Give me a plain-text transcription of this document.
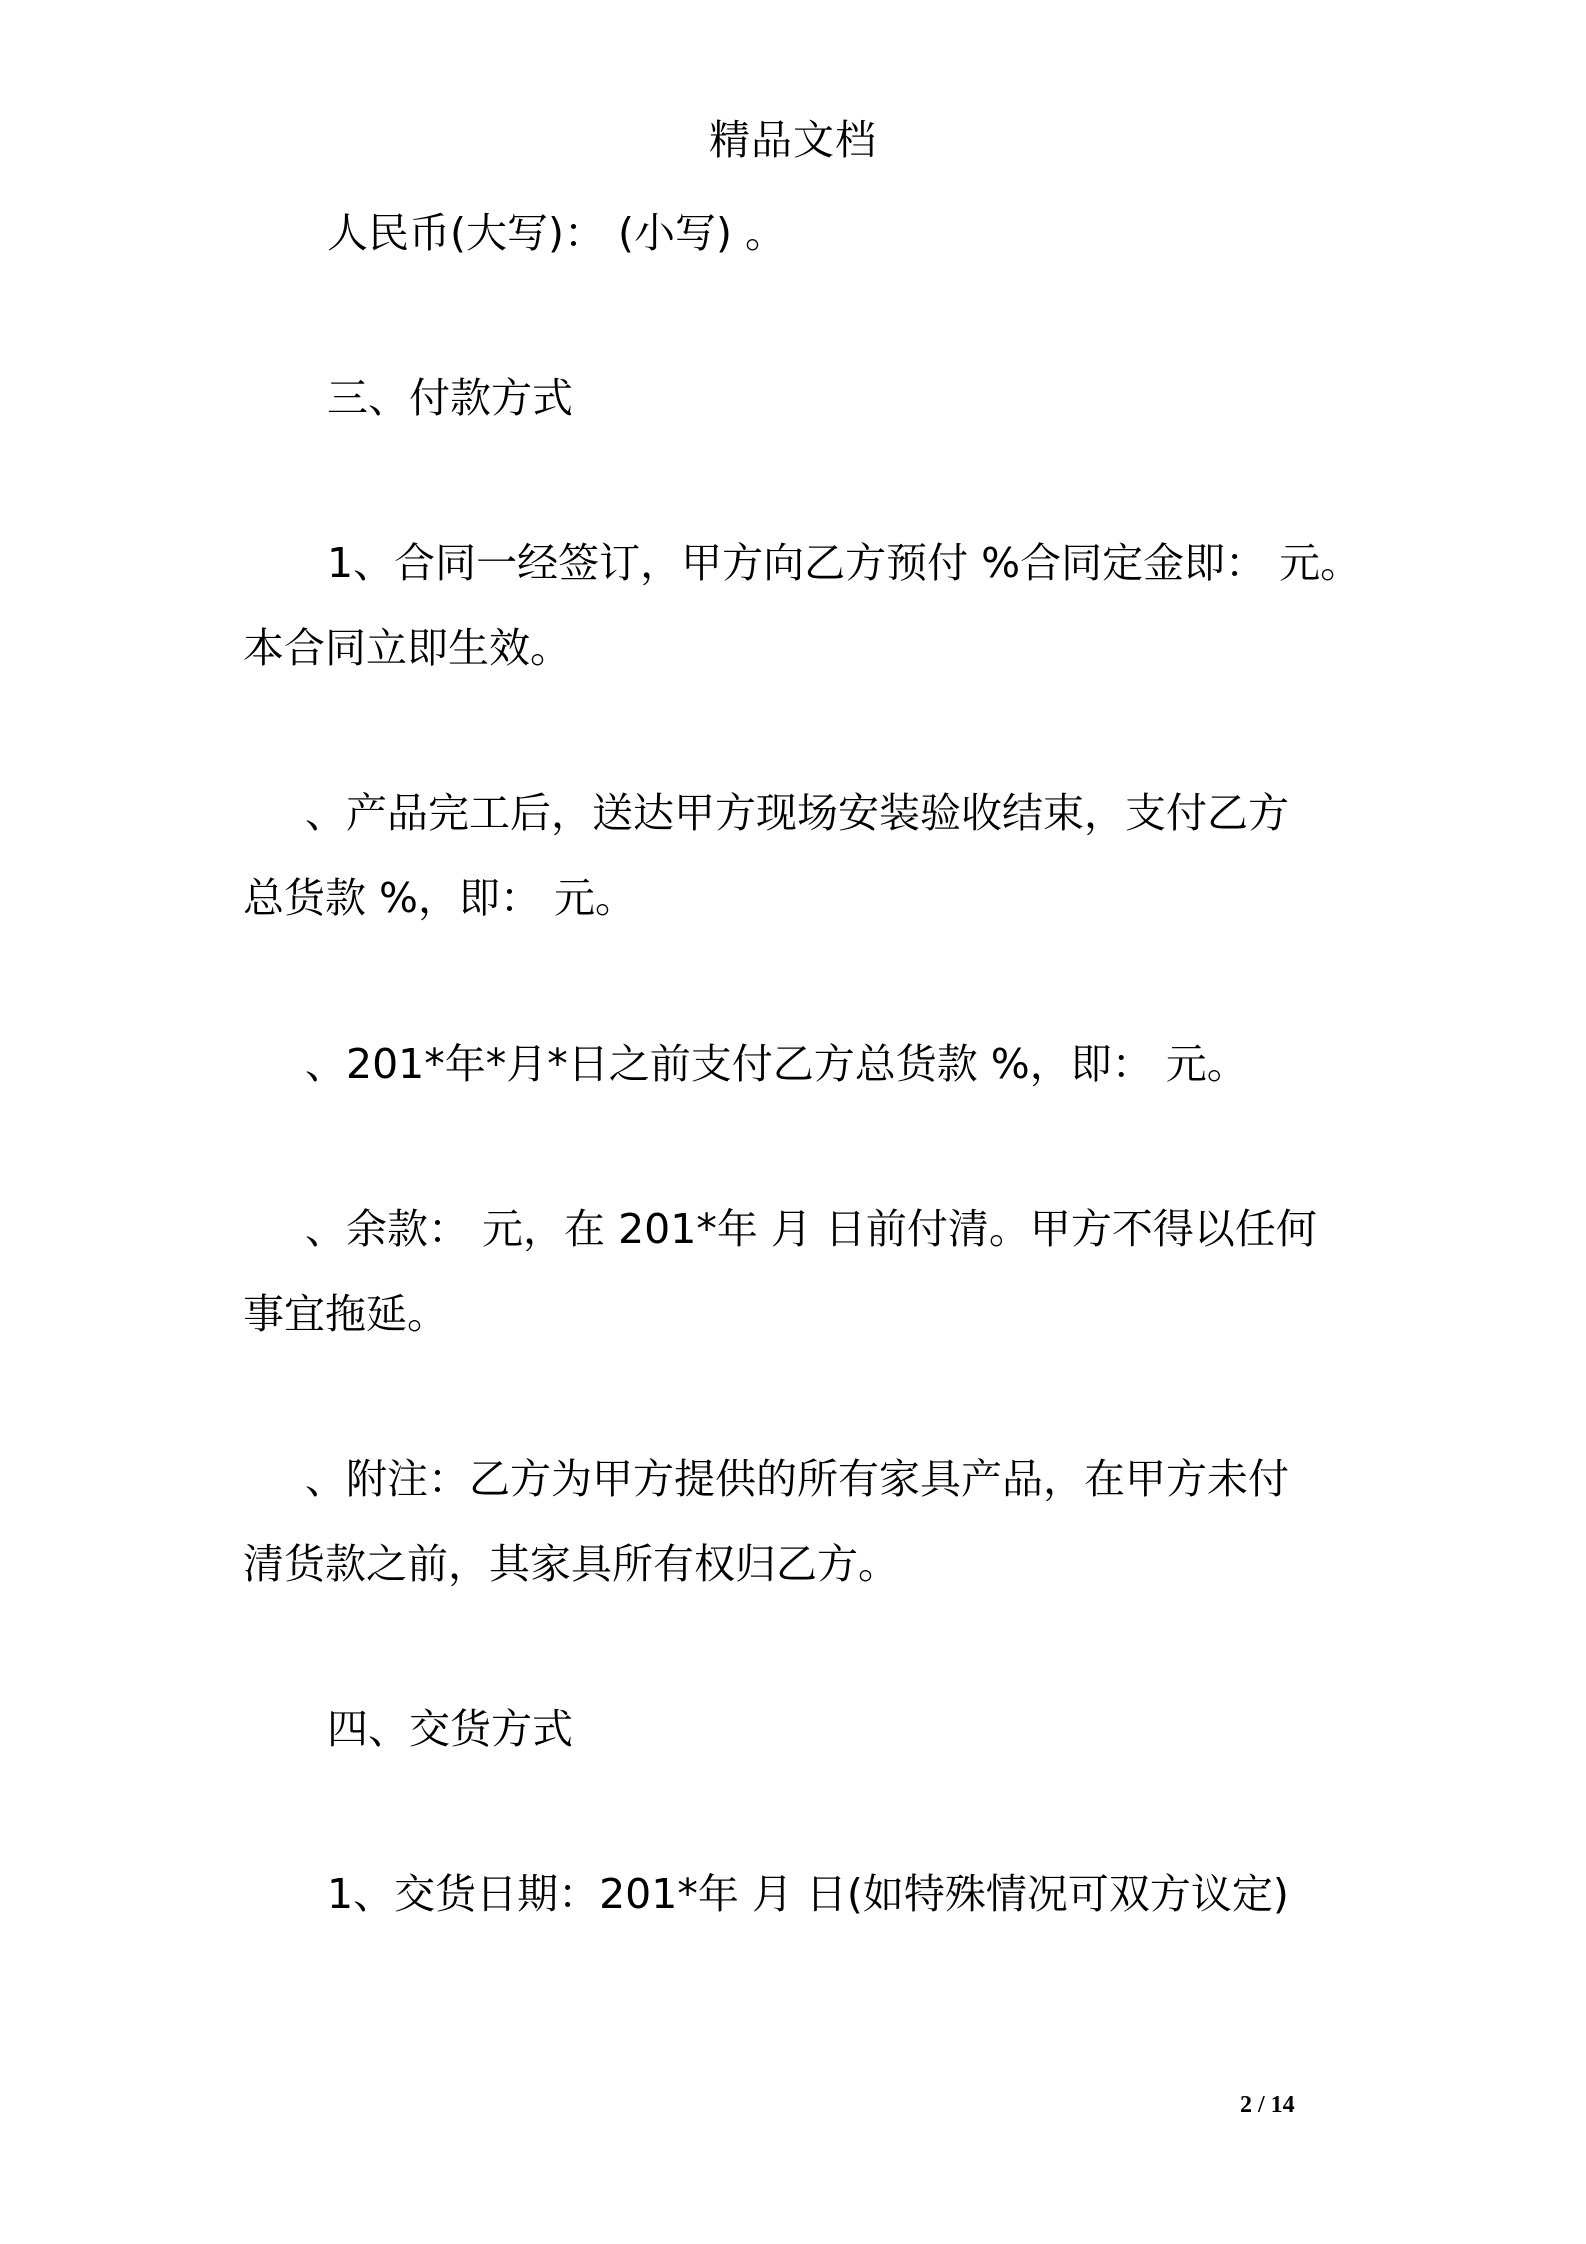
精品文档
人民币(大写)： (小写) 。
三、付款方式
1、合同一经签订，甲方向乙方预付 %合同定金即： 元。
本合同立即生效。
、产品完工后，送达甲方现场安装验收结束，支付乙方
总货款 %，即： 元。
、201*年*月*日之前支付乙方总货款 %，即： 元。
、余款： 元，在 201*年 月 日前付清。甲方不得以任何
事宜拖延。
、附注：乙方为甲方提供的所有家具产品，在甲方未付
清货款之前，其家具所有权归乙方。
四、交货方式
1、交货日期：201*年 月 日(如特殊情况可双方议定)
2 / 14
